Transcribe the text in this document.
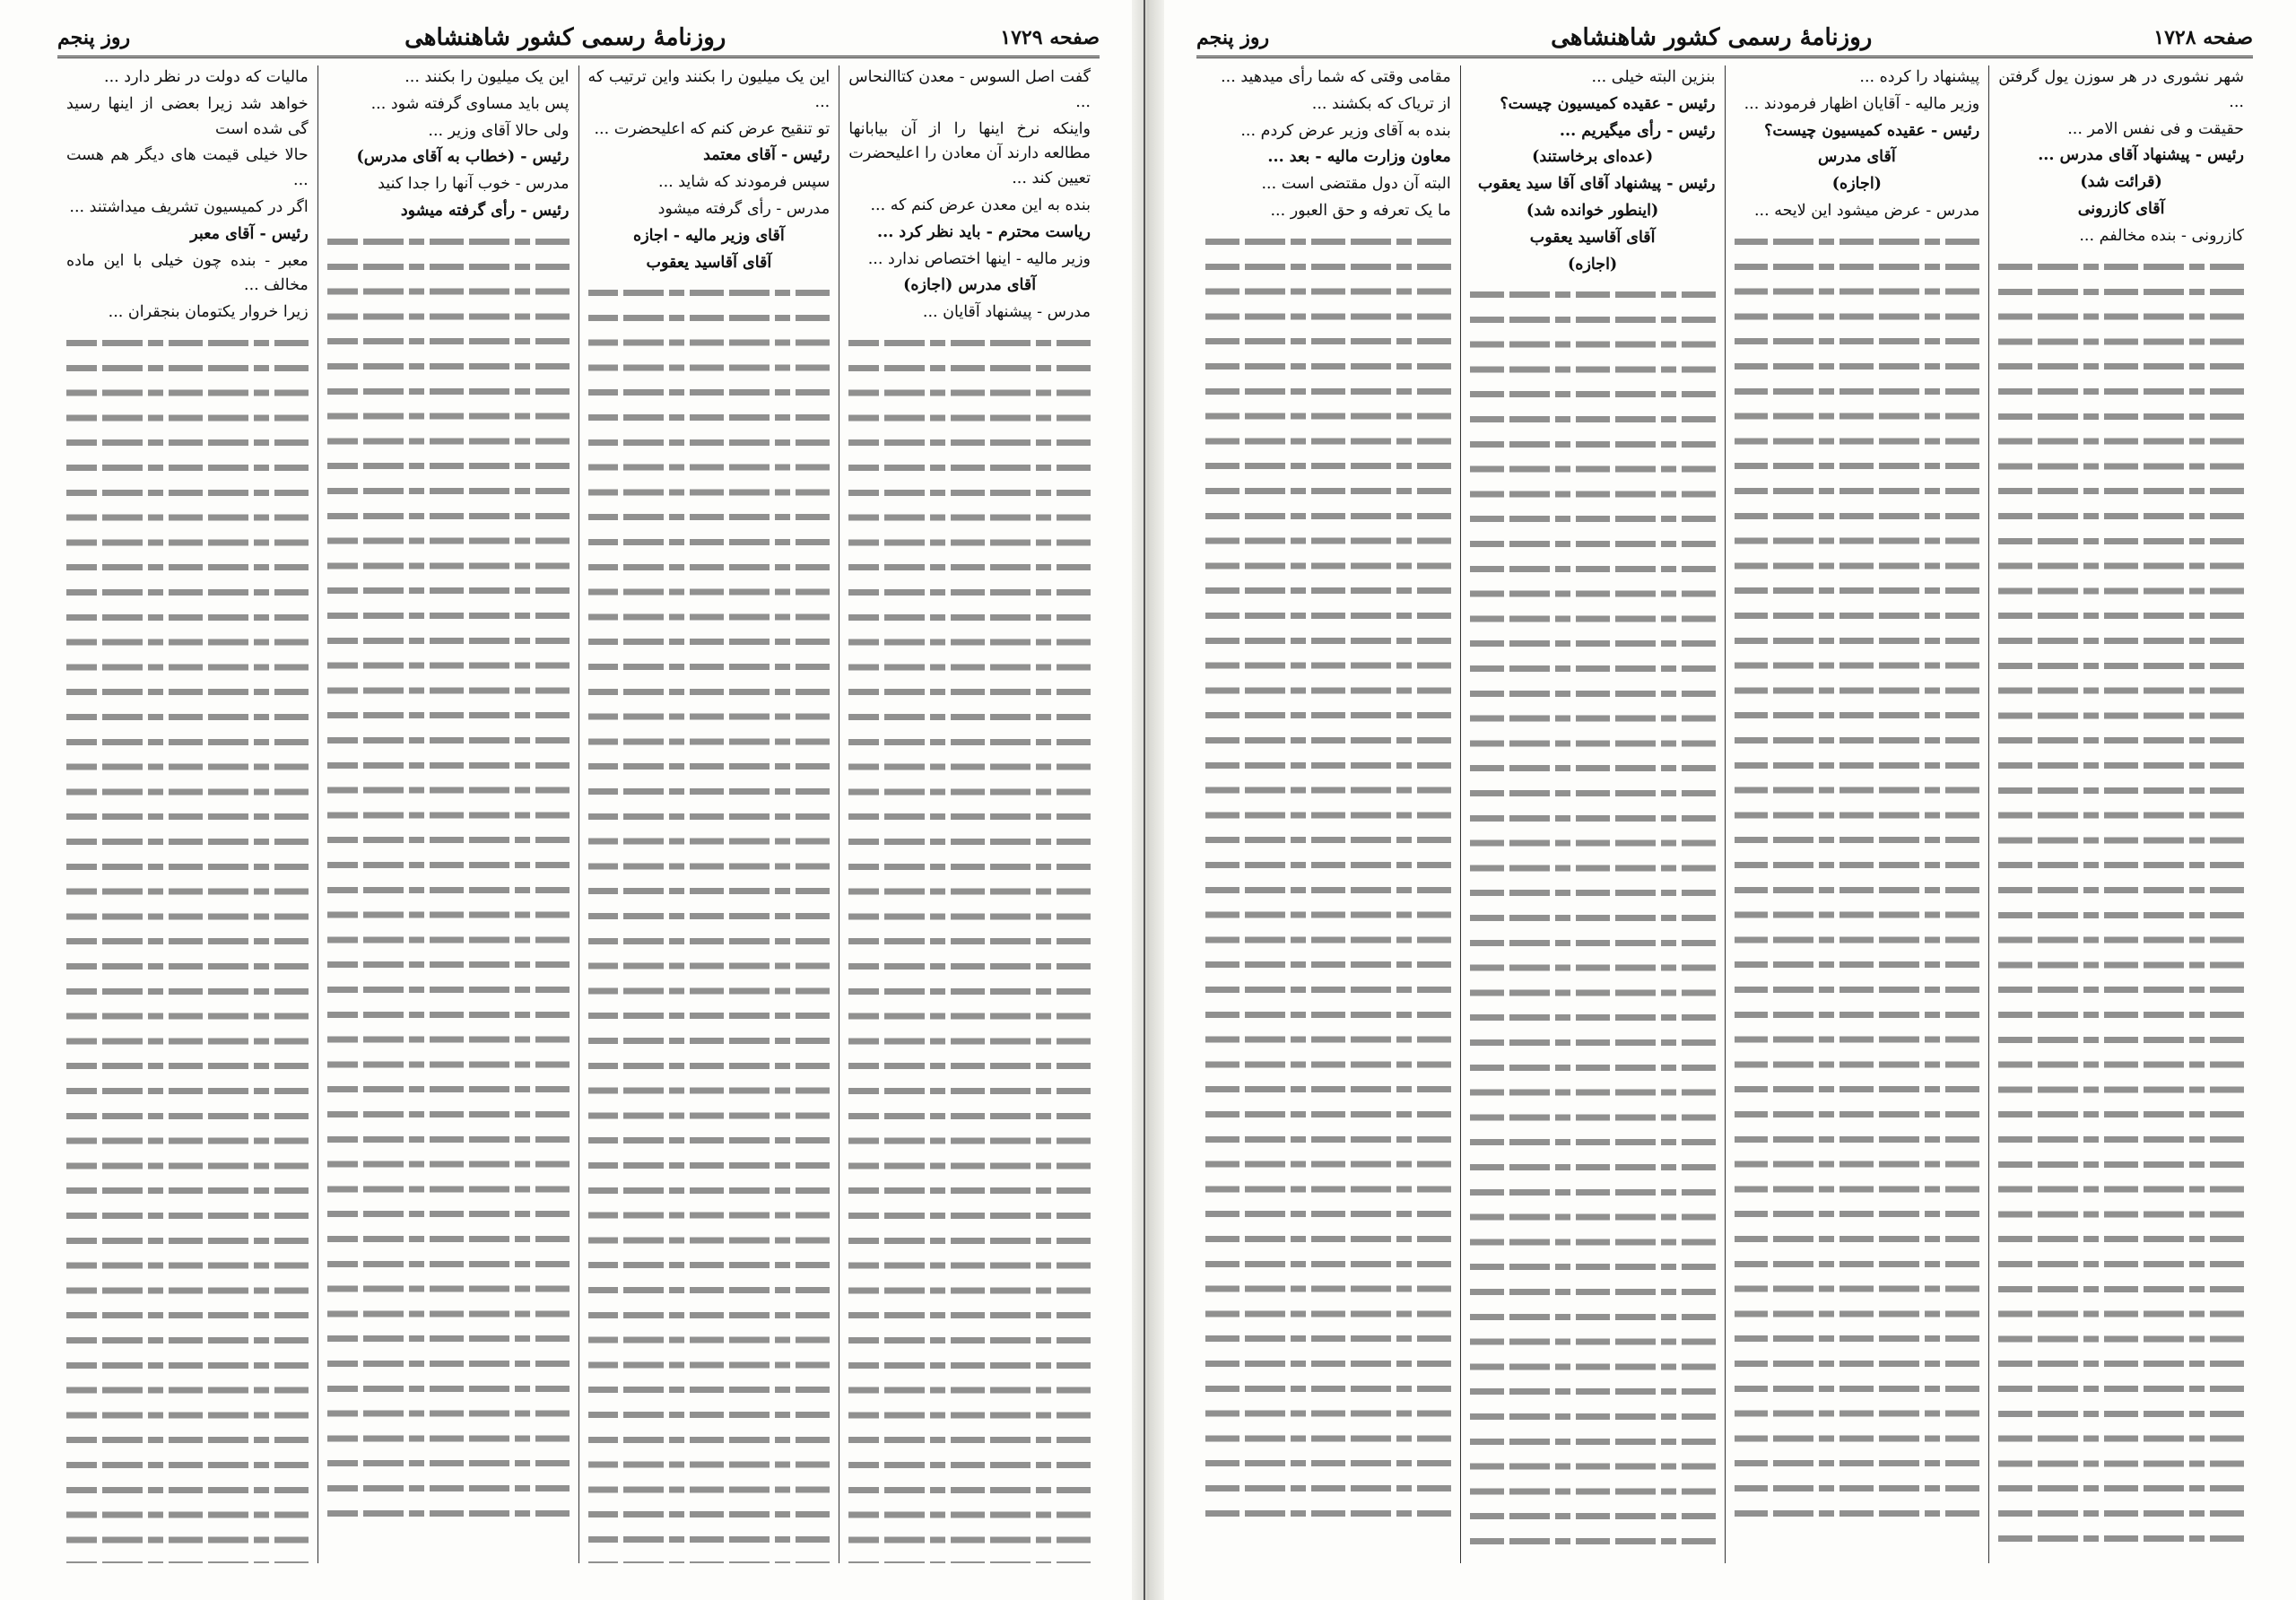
صفحه ۱۷۲۹
روزنامهٔ رسمی کشور شاهنشاهی
روز پنجم

گفت اصل السوس - معدن کتاالنحاس ...

واینکه نرخ اینها را از آن بیابانها مطالعه دارند آن معادن را اعلیحضرت تعیین کند ...

بنده به این معدن عرض کنم که ...

ریاست محترم - باید نظر کرد ...

وزیر مالیه - اینها اختصاص ندارد ...

آقای مدرس (اجازه)

مدرس - پیشنهاد آقایان ...

این یک میلیون را بکنند واین ترتیب که ...

تو تنقیح عرض کنم که اعلیحضرت ...

رئیس - آقای معتمد

سپس فرمودند که شاید ...

مدرس - رأی گرفته میشود

آقای وزیر مالیه - اجازه

آقای آقاسید یعقوب

این یک میلیون را بکنند ...

پس باید مساوی گرفته شود ...

ولی حالا آقای وزیر ...

رئیس - (خطاب به آقای مدرس)

مدرس - خوب آنها را جدا کنید

رئیس - رأی گرفته میشود

مالیات که دولت در نظر دارد ...

خواهد شد زیرا بعضی از اینها رسید گی شده است

حالا خیلی قیمت های دیگر هم هست ...

اگر در کمیسیون تشریف میداشتند ...

رئیس - آقای معبر

معبر - بنده چون خیلی با این ماده مخالف ...

زیرا خروار یکتومان بنجقران ...

صفحه ۱۷۲۸
روزنامهٔ رسمی کشور شاهنشاهی
روز پنجم

شهر نشوری در هر سوزن یول گرفتن ...

حقیقت و فی نفس الامر ...

رئیس - پیشنهاد آقای مدرس ...

(قرائت شد)

آقای کازرونی

کازرونی - بنده مخالفم ...

پیشنهاد را کرده ...

وزیر مالیه - آقایان اظهار فرمودند ...

رئیس - عقیده کمیسیون چیست؟

آقای مدرس

(اجازه)

مدرس - عرض میشود این لایحه ...

بنزین البته خیلی ...

رئیس - عقیده کمیسیون چیست؟

رئیس - رأی میگیریم ...

(عده‌ای برخاستند)

رئیس - پیشنهاد آقای آقا سید یعقوب

(اینطور خوانده شد)

آقای آقاسید یعقوب

(اجازه)

مقامی وقتی که شما رأی میدهید ...

از تریاک که بکشند ...

بنده به آقای وزیر عرض کردم ...

معاون وزارت مالیه - بعد ...

البته آن دول مقتضی است ...

ما یک تعرفه و حق العبور ...
